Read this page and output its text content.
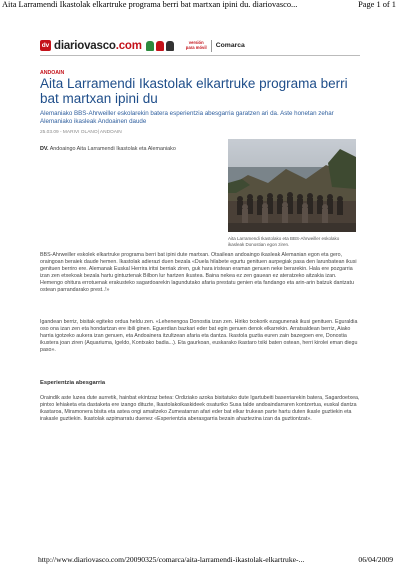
Aita Larramendi Ikastolak elkartruke programa berri bat martxan ipini du. diariovasco...	Page 1 of 1
dv diariovasco.com	versión
para móvil Comarca
ANDOAIN
Aita Larramendi Ikastolak elkartruke programa berri bat martxan ipini du
Alemaniako BBS-Ahrweiller eskolarekin batera esperientzia abesgarria garatzen ari da. Aste honetan zehar Alemaniako ikasleak Andoainen daude
25.03.09 - MARIVI OLANO| ANDOAIN
DV. Andoaingo Aita Larramendi Ikastolak eta Alemaniako
Aita Larramendi Ikastolako eta BBS-Ahrweiller eskolako ikasleak Donostian egon ziren.

BBS-Ahrweiller eskolek elkartruke programa berri bat ipini dute martxan. Otsailean andoaingo ikasleak Alemanian egon eta gero, oraingoan beraiek daude hemen. Ikastolak adierazi duen bezala «Duela hilabete egurtu genituen aurpegiak pasa den larunbatean ikusi genituen berriro ere. Alemanak Euskal Herrira iritsi berriak ziren, guk hara iristean eraman genuen neke berarekin. Hala ere pozgarria izan zen etxekoak bezala hartu gintuztenak Bilbon lur hartzen ikustea. Baina nekea ez zen gauean ez ateratzeko aitzakia izan. Hemengo ohitura errotuenak erakusteko sagardoarekin lagundutako afaria prestatu genien eta fandango eta arin-arin batzuk dantzatu ostean parrandarako prest..!»

Igandean berriz, bisitak egiteko ordua heldu zen. «Lehenengoa Donostia izan zen. Hiriko txokorik ezagunenak ikusi genituen. Eguraldia oso ona izan zen eta hondartzan ere ibili ginen. Eguerdian bazkari eder bat egin genuen denok elkarrekin. Arratsaldean berriz, Aiako harria igotzeko aukera izan genuen, eta Andoainera itzultzean afaria eta dantza. Ikastola guztia euren zain bazegoen ere, Donostia ikustera joan ziren (Aquariuma, Igeldo, Kontxako badia...). Eta gaurkoan, euskarako ikastaro txiki baten ostean, herri kirolei eman diegu paso».

Esperientzia abesgarria

Oraindik aste luzea dute aurretik, hainbat ekintzaz betea: Ordiziako azoka bisitatuko dute Igartubeiti baserriarekin batera, Sagardoetxea, pintxo lehiaketa eta dastaketa ere izango dituzte, Ikastolakoikaskideek osaturiko Susa talde andoaindarraren kontzertua, euskal dantza ikastaroa, Miramonera bisita eta astea ongi amaitzeko Zumeatarran afari eder bat elkar trukean parte hartu duten ikasle guztiekin eta irakasle guztiekin. Ikastolak azpimarratu duenez «Esperientzia aberasgarria bezain ahaztezina izan da guztiontzat».

http://www.diariovasco.com/20090325/comarca/aita-larramendi-ikastolak-elkartruke-...	06/04/2009
